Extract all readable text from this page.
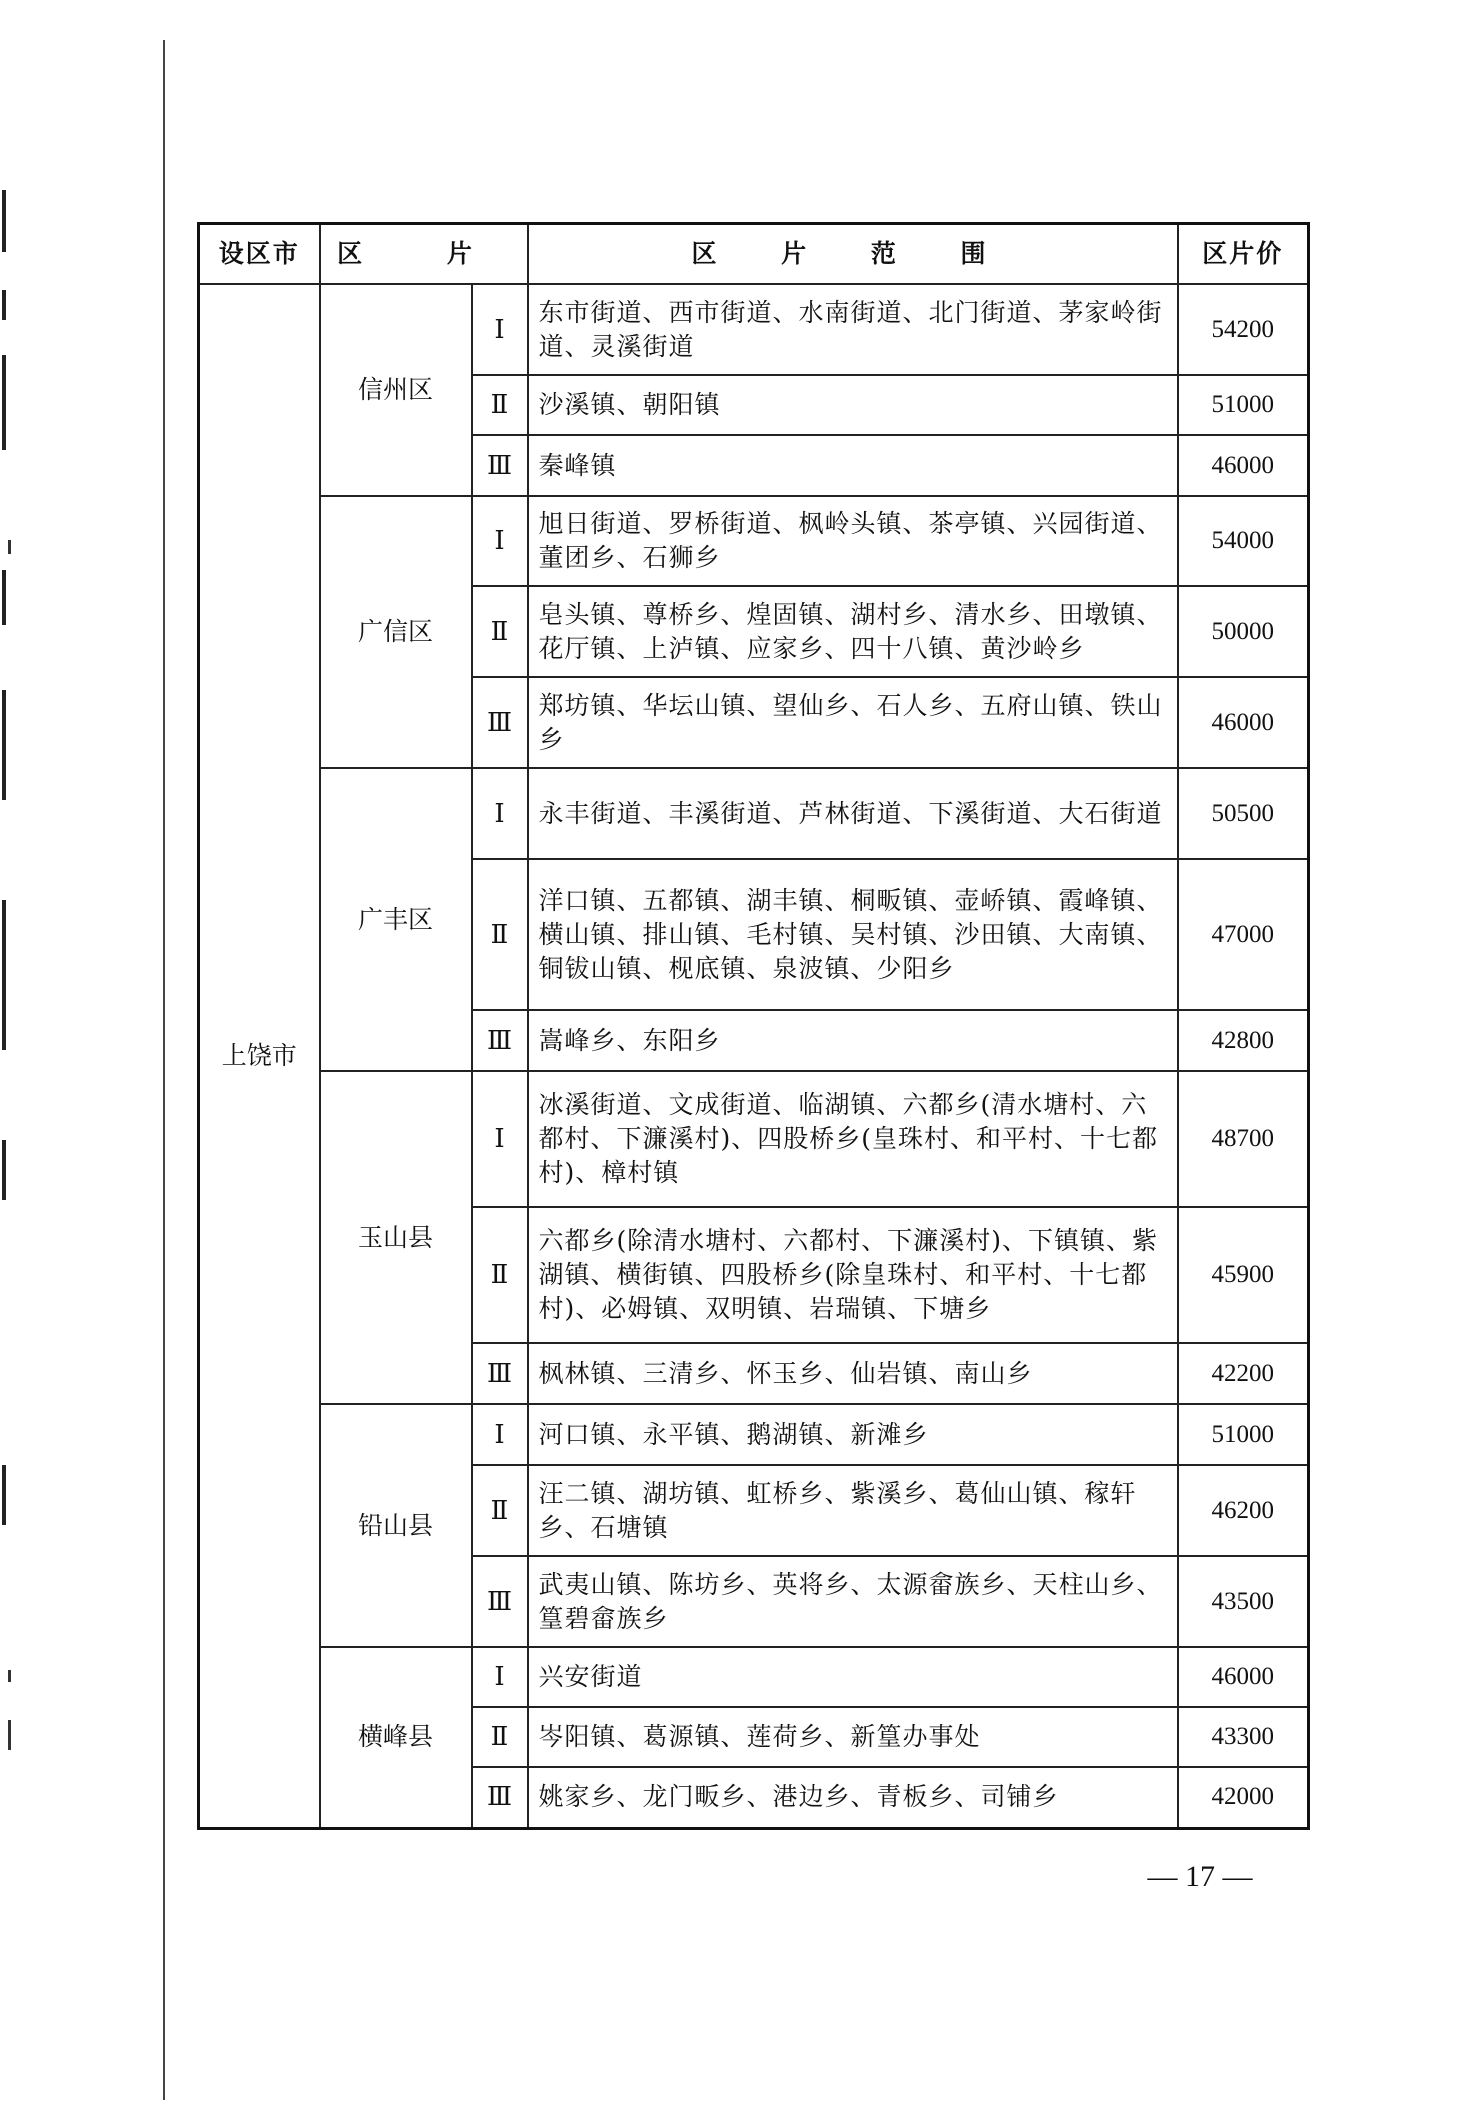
设区市	区 片		区 片 范 围	区片价
上饶市	信州区	Ⅰ	东市街道、西市街道、水南街道、北门街道、茅家岭街道、灵溪街道	54200
		Ⅱ	沙溪镇、朝阳镇	51000
		Ⅲ	秦峰镇	46000
	广信区	Ⅰ	旭日街道、罗桥街道、枫岭头镇、茶亭镇、兴园街道、董团乡、石狮乡	54000
		Ⅱ	皂头镇、尊桥乡、煌固镇、湖村乡、清水乡、田墩镇、花厅镇、上泸镇、应家乡、四十八镇、黄沙岭乡	50000
		Ⅲ	郑坊镇、华坛山镇、望仙乡、石人乡、五府山镇、铁山乡	46000
	广丰区	Ⅰ	永丰街道、丰溪街道、芦林街道、下溪街道、大石街道	50500
		Ⅱ	洋口镇、五都镇、湖丰镇、桐畈镇、壶峤镇、霞峰镇、横山镇、排山镇、毛村镇、吴村镇、沙田镇、大南镇、铜钹山镇、枧底镇、泉波镇、少阳乡	47000
		Ⅲ	嵩峰乡、东阳乡	42800
	玉山县	Ⅰ	冰溪街道、文成街道、临湖镇、六都乡(清水塘村、六都村、下濂溪村)、四股桥乡(皇珠村、和平村、十七都村)、樟村镇	48700
		Ⅱ	六都乡(除清水塘村、六都村、下濂溪村)、下镇镇、紫湖镇、横街镇、四股桥乡(除皇珠村、和平村、十七都村)、必姆镇、双明镇、岩瑞镇、下塘乡	45900
		Ⅲ	枫林镇、三清乡、怀玉乡、仙岩镇、南山乡	42200
	铅山县	Ⅰ	河口镇、永平镇、鹅湖镇、新滩乡	51000
		Ⅱ	汪二镇、湖坊镇、虹桥乡、紫溪乡、葛仙山镇、稼轩乡、石塘镇	46200
		Ⅲ	武夷山镇、陈坊乡、英将乡、太源畲族乡、天柱山乡、篁碧畲族乡	43500
	横峰县	Ⅰ	兴安街道	46000
		Ⅱ	岑阳镇、葛源镇、莲荷乡、新篁办事处	43300
		Ⅲ	姚家乡、龙门畈乡、港边乡、青板乡、司铺乡	42000
— 17 —
